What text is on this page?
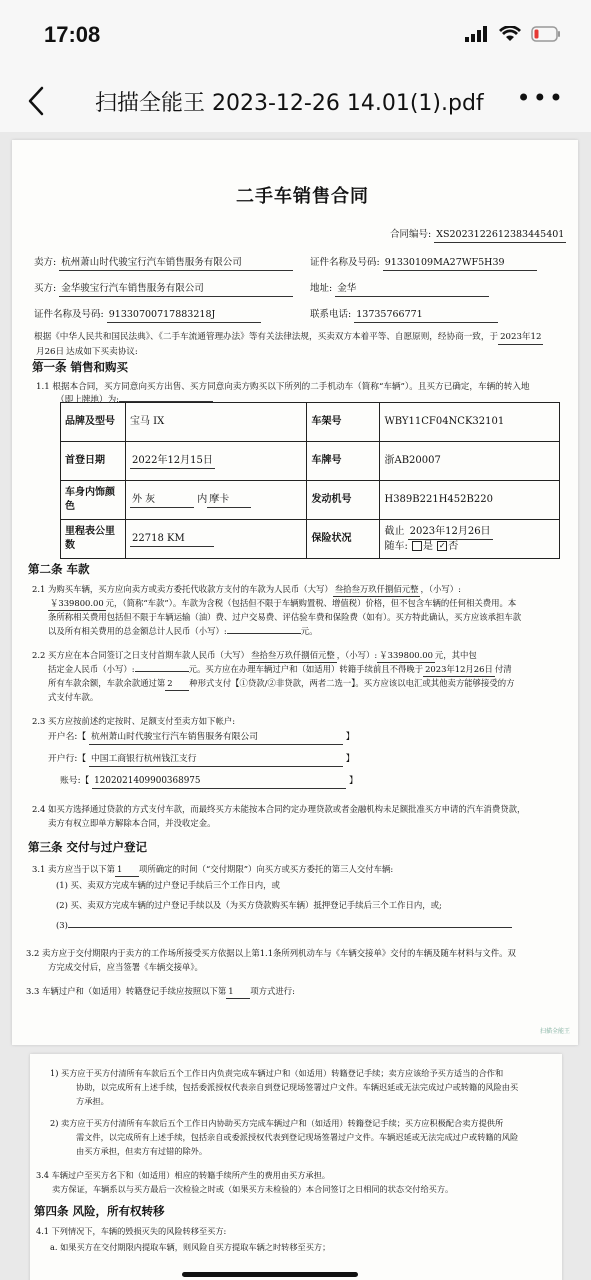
17:08
扫描全能王 2023-12-26 14.01(1).pdf •••
二手车销售合同
合同编号: XS2023122612383445401
卖方: 杭州萧山时代骏宝行汽车销售服务有限公司	证件名称及号码: 91330109MA27WF5H39
买方: 金华骏宝行汽车销售服务有限公司	地址: 金华
证件名称及号码: 91330700717883218J	联系电话: 13735766771
根据《中华人民共和国民法典》、《二手车流通管理办法》等有关法律法规，买卖双方本着平等、自愿原则，经协商一致，于 2023年12月26日 达成如下买卖协议:
第一条 销售和购买
1.1 根据本合同，买方同意向买方出售、买方同意向卖方购买以下所列的二手机动车（简称“车辆”）。且买方已确定，车辆的转入地
（即上牌地）为:
品牌及型号	宝马 IX	车架号	WBY11CF04NCK32101
首登日期	2022年12月15日	车牌号	浙AB20007
车身内饰颜色	外 灰 内 摩卡	发动机号	H389B221H452B220
里程表公里数	22718 KM	保险状况	截止 2023年12月26日
随车: 是 ✓ 否
第二条 车款
2.1 为购买车辆，买方应向卖方或卖方委托代收款方支付的车款为人民币（大写） 叁拾叁万玖仟捌佰元整 ，（小写）:
￥339800.00 元，（简称“车款”）。车款为含税（包括但不限于车辆购置税、增值税）价格，但不包含车辆的任何相关费用。本
条所称相关费用包括但不限于车辆运输（油）费、过户交易费、评估验车费和保险费（如有）。买方特此确认，买方应该承担车款
以及所有相关费用的总金额总计人民币（小写）:	元。
2.2 买方应在本合同签订之日支付首期车款人民币（大写） 叁拾叁万玖仟捌佰元整 ，（小写）: ￥339800.00 元，其中包
括定金人民币（小写）:	元。买方应在办理车辆过户和（如适用）转籍手续前且不得晚于 2023年12月26日 付清
所有车款余额，车款余款通过第 2 种形式支付【①贷款/②非贷款，两者二选一】。买方应该以电汇或其他卖方能够接受的方
式支付车款。
2.3 买方应按前述约定按时、足额支付至卖方如下帐户:
开户名:【 杭州萧山时代骏宝行汽车销售服务有限公司	】
开户行:【 中国工商银行杭州钱江支行	】
账号:【 1202021409900368975	】
2.4 如买方选择通过贷款的方式支付车款，而最终买方未能按本合同约定办理贷款或者金融机构未足额批准买方申请的汽车消费贷款，
卖方有权立即单方解除本合同，并没收定金。
第三条 交付与过户登记
3.1 卖方应当于以下第 1 项所确定的时间（“交付期限”）向买方或买方委托的第三人交付车辆:
(1) 买、卖双方完成车辆的过户登记手续后三个工作日内，或
(2) 买、卖双方完成车辆的过户登记手续以及（为买方贷款购买车辆）抵押登记手续后三个工作日内，或;
(3)
3.2 卖方应于交付期限内于卖方的工作场所接受买方依据以上第1.1条所列机动车与《车辆交接单》交付的车辆及随车材料与文件。双
方完成交付后，应当签署《车辆交接单》。
3.3 车辆过户和（如适用）转籍登记手续应按照以下第 1 项方式进行:
扫描全能王
1) 买方应于买方付清所有车款后五个工作日内负责完成车辆过户和（如适用）转籍登记手续；卖方应该给予买方适当的合作和
协助，以完成所有上述手续，包括委派授权代表亲自到登记现场签署过户文件。车辆迟延或无法完成过户或转籍的风险由买
方承担。
2) 卖方应于买方付清所有车款后五个工作日内协助买方完成车辆过户和（如适用）转籍登记手续；买方应积极配合卖方提供所
需文件，以完成所有上述手续，包括亲自或委派授权代表到登记现场签署过户文件。车辆迟延或无法完成过户或转籍的风险
由买方承担，但卖方有过错的除外。
3.4 车辆过户至买方名下和（如适用）相应的转籍手续所产生的费用由买方承担。
卖方保证，车辆系以与买方最后一次检验之时或（如果买方未检验的）本合同签订之日相同的状态交付给买方。
第四条 风险，所有权转移
4.1 下列情况下，车辆的毁损灭失的风险转移至买方:
a. 如果买方在交付期限内提取车辆，则风险自买方提取车辆之时转移至买方；
